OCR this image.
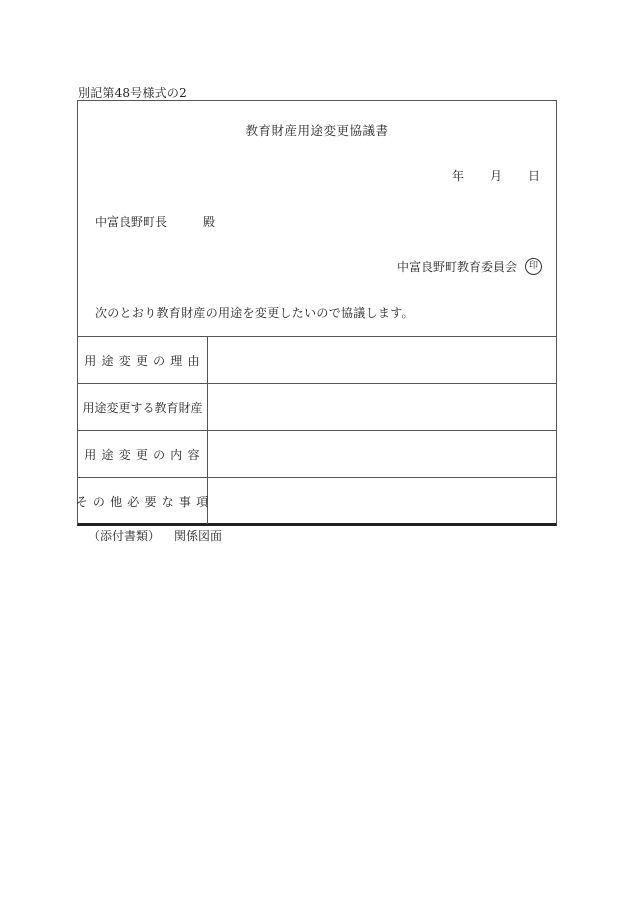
別記第48号様式の2
教育財産用途変更協議書
年 月 日
中富良野町長	殿
中富良野町教育委員会	印
次のとおり教育財産の用途を変更したいので協議します。
用途変更の理由
用途変更する教育財産
用途変更の内容
その他必要な事項
（添付書類） 関係図面
